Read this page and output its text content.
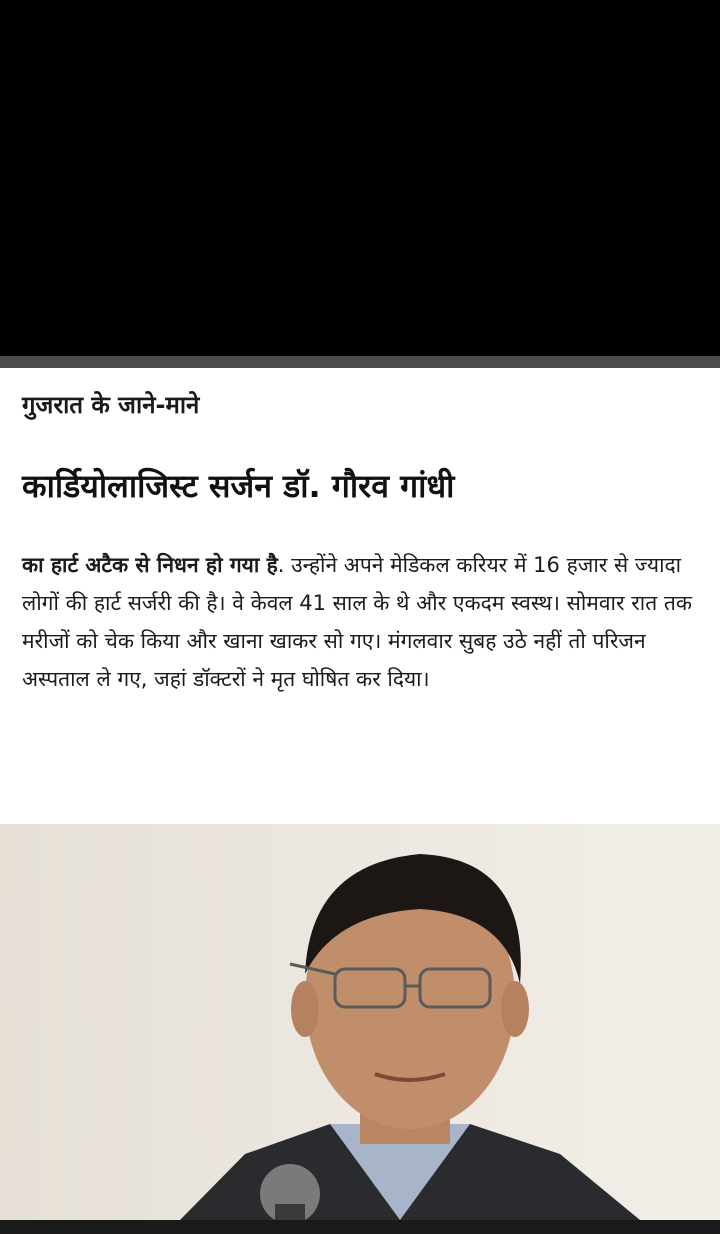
गुजरात के जाने-माने
कार्डियोलाजिस्ट सर्जन डॉ. गौरव गांधी
का हार्ट अटैक से निधन हो गया है. उन्होंने अपने मेडिकल करियर में 16 हजार से ज्यादा लोगों की हार्ट सर्जरी की है। वे केवल 41 साल के थे और एकदम स्वस्थ। सोमवार रात तक मरीजों को चेक किया और खाना खाकर सो गए। मंगलवार सुबह उठे नहीं तो परिजन अस्पताल ले गए, जहां डॉक्टरों ने मृत घोषित कर दिया।
